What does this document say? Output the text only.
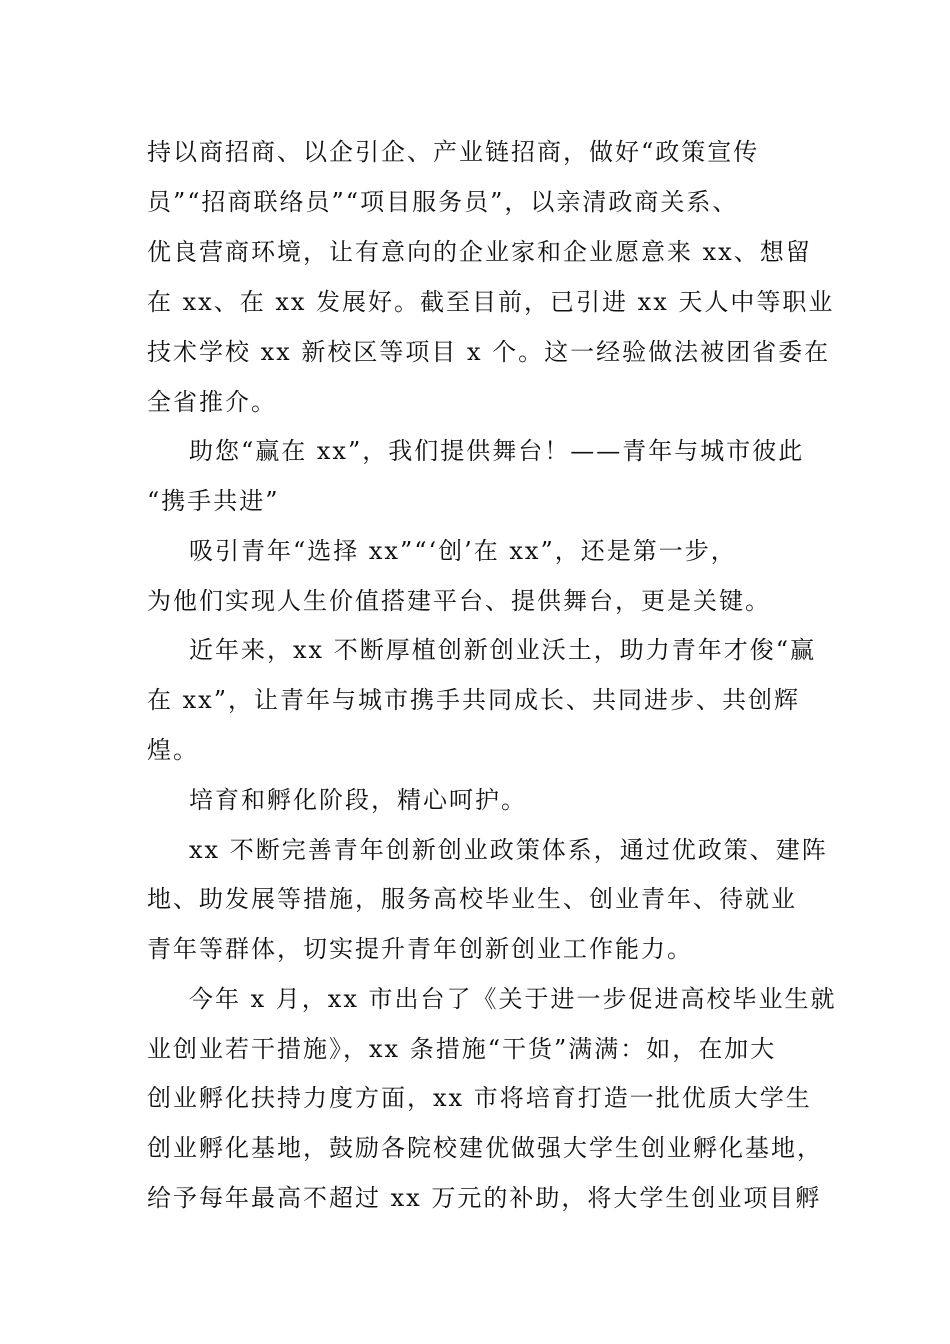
持以商招商、以企引企、产业链招商，做好“政策宣传
员”“招商联络员”“项目服务员”，以亲清政商关系、
优良营商环境，让有意向的企业家和企业愿意来 xx、想留
在 xx、在 xx 发展好。截至目前，已引进 xx 天人中等职业
技术学校 xx 新校区等项目 x 个。这一经验做法被团省委在
全省推介。
助您“赢在 xx”，我们提供舞台！——青年与城市彼此
“携手共进”
吸引青年“选择 xx”“‘创’在 xx”，还是第一步，
为他们实现人生价值搭建平台、提供舞台，更是关键。
近年来，xx 不断厚植创新创业沃土，助力青年才俊“赢
在 xx”，让青年与城市携手共同成长、共同进步、共创辉
煌。
培育和孵化阶段，精心呵护。
xx 不断完善青年创新创业政策体系，通过优政策、建阵
地、助发展等措施，服务高校毕业生、创业青年、待就业
青年等群体，切实提升青年创新创业工作能力。
今年 x 月，xx 市出台了《关于进一步促进高校毕业生就
业创业若干措施》，xx 条措施“干货”满满：如，在加大
创业孵化扶持力度方面，xx 市将培育打造一批优质大学生
创业孵化基地，鼓励各院校建优做强大学生创业孵化基地，
给予每年最高不超过 xx 万元的补助，将大学生创业项目孵
